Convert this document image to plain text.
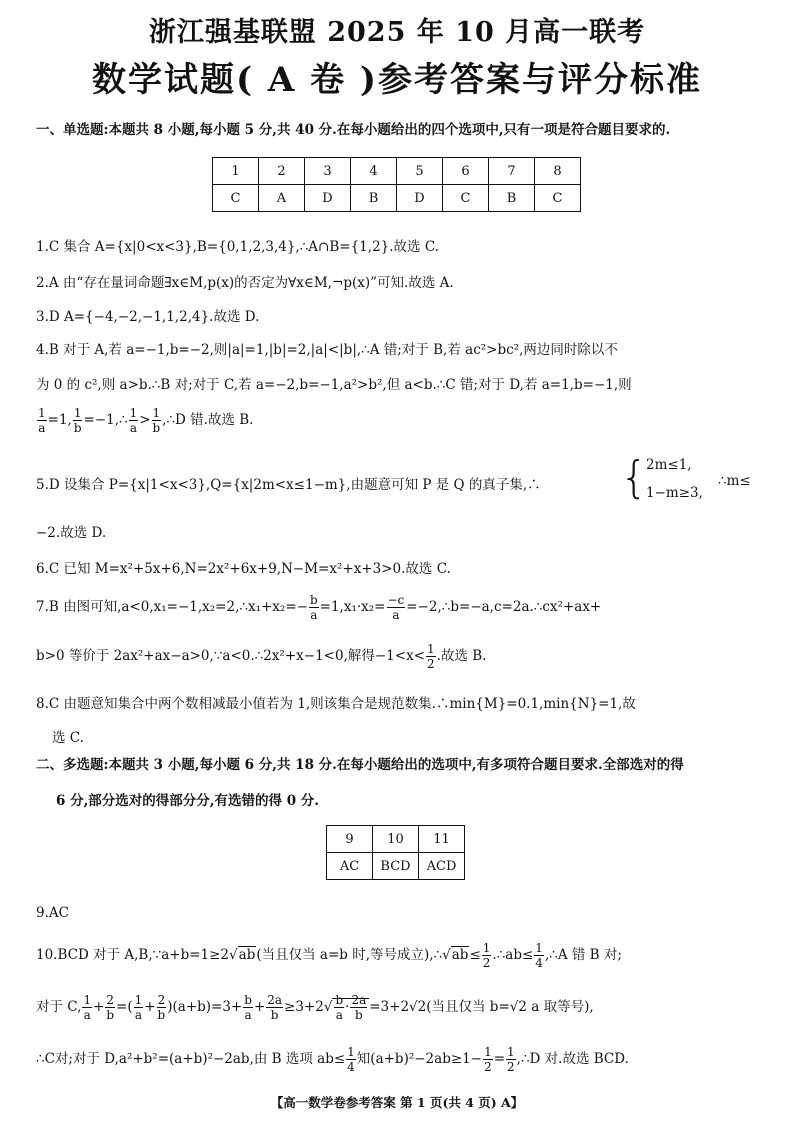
浙江强基联盟 2025 年 10 月高一联考
数学试题( A 卷 )参考答案与评分标准
一、单选题:本题共 8 小题,每小题 5 分,共 40 分.在每小题给出的四个选项中,只有一项是符合题目要求的.
1	2	3	4	5	6	7	8
C	A	D	B	D	C	B	C
1.C 集合 A={x|0<x<3},B={0,1,2,3,4},∴A∩B={1,2}.故选 C.
2.A 由“存在量词命题∃x∈M,p(x)的否定为∀x∈M,¬p(x)”可知.故选 A.
3.D A={−4,−2,−1,1,2,4}.故选 D.
4.B 对于 A,若 a=−1,b=−2,则|a|=1,|b|=2,|a|<|b|,∴A 错;对于 B,若 ac²>bc²,两边同时除以不
为 0 的 c²,则 a>b.∴B 对;对于 C,若 a=−2,b=−1,a²>b²,但 a<b.∴C 错;对于 D,若 a=1,b=−1,则
$\frac{1}{a} =1$, $\frac{1}{b}$ =−1,∴ $\frac{1}{a} > \frac{1}{b}$ ,∴D 错.故选 B.
5.D 设集合 P={x|1<x<3},Q={x|2m<x≤1−m},由题意可知 P 是 Q 的真子集,∴	{
2m≤1,
1−m≥3,
∴m≤
−2.故选 D.
6.C 已知 M=x²+5x+6,N=2x²+6x+9,N−M=x²+x+3>0.故选 C.
7.B 由图可知,a<0,x₁=−1,x₂=2,∴x₁+x₂=− $\frac{b}{a} =1,x_1\cdot x_2= \frac{-c}{a}$ =−2,∴b=−a,c=2a.∴cx²+ax+
b>0 等价于 2ax²+ax−a>0,∵a<0.∴2x²+x−1<0,解得$-1<x< \frac{1}{2}$ .故选 B.
8.C 由题意知集合中两个数相减最小值若为 1,则该集合是规范数集.∴min{M}=0.1,min{N}=1,故
选 C.
二、多选题:本题共 3 小题,每小题 6 分,共 18 分.在每小题给出的选项中,有多项符合题目要求.全部选对的得
6 分,部分选对的得部分分,有选错的得 0 分.
9	10	11
AC	BCD	ACD
9.AC
10.BCD 对于 A,B,∵a+b=1≥2√ab(当且仅当 a=b 时,等号成立),∴√ab≤ $\frac{1}{2}$ .∴ab≤ $\frac{1}{4}$ ,∴A 错 B 对;
对于 C, $\frac{1}{a} + \frac{2}{b}$ =( $\frac{1}{a} + \frac{2}{b} )(a+b)=3+ \frac{b}{a} + \frac{2a}{b} \ge 3+2√ \frac{b}{a} \cdot \frac{2a}{b} =3+2√2$(当且仅当 b=√2 a 取等号),
∴C对;对于 D,a²+b²=(a+b)²−2ab,由 B 选项 $ab\le \frac{1}{4}$ 知$(a+b)^2-2ab\ge 1- \frac{1}{2} = \frac{1}{2}$ ,∴D 对.故选 BCD.
【高一数学卷参考答案 第 1 页(共 4 页) A】
